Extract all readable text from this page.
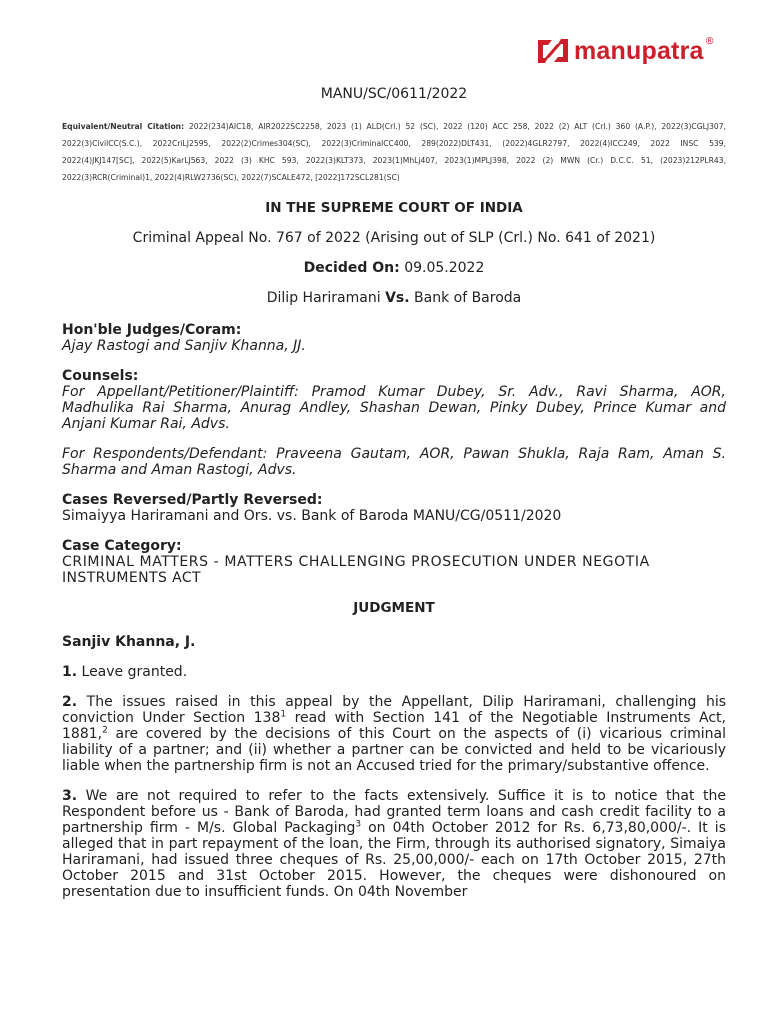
manupatra ®
MANU/SC/0611/2022
Equivalent/Neutral Citation: 2022(234)AIC18, AIR2022SC2258, 2023 (1) ALD(Crl.) 52 (SC), 2022 (120) ACC 258, 2022 (2) ALT (Crl.) 360 (A.P.), 2022(3)CGLJ307, 2022(3)CivilCC(S.C.), 2022CriLJ2595, 2022(2)Crimes304(SC), 2022(3)CriminalCC400, 289(2022)DLT431, (2022)4GLR2797, 2022(4)ICC249, 2022 INSC 539, 2022(4)JKJ147[SC], 2022(5)KarLJ563, 2022 (3) KHC 593, 2022(3)KLT373, 2023(1)MhLj407, 2023(1)MPLJ398, 2022 (2) MWN (Cr.) D.C.C. 51, (2023)212PLR43, 2022(3)RCR(Criminal)1, 2022(4)RLW2736(SC), 2022(7)SCALE472, [2022]172SCL281(SC)
IN THE SUPREME COURT OF INDIA
Criminal Appeal No. 767 of 2022 (Arising out of SLP (Crl.) No. 641 of 2021)
Decided On: 09.05.2022
Dilip Hariramani Vs. Bank of Baroda
Hon'ble Judges/Coram:
Ajay Rastogi and Sanjiv Khanna, JJ.
Counsels:
For Appellant/Petitioner/Plaintiff: Pramod Kumar Dubey, Sr. Adv., Ravi Sharma, AOR, Madhulika Rai Sharma, Anurag Andley, Shashan Dewan, Pinky Dubey, Prince Kumar and Anjani Kumar Rai, Advs.
For Respondents/Defendant: Praveena Gautam, AOR, Pawan Shukla, Raja Ram, Aman S. Sharma and Aman Rastogi, Advs.
Cases Reversed/Partly Reversed:
Simaiyya Hariramani and Ors. vs. Bank of Baroda MANU/CG/0511/2020
Case Category:
CRIMINAL MATTERS - MATTERS CHALLENGING PROSECUTION UNDER NEGOTIA
INSTRUMENTS ACT
JUDGMENT
Sanjiv Khanna, J.
1. Leave granted.
2. The issues raised in this appeal by the Appellant, Dilip Hariramani, challenging his conviction Under Section $138^1$ read with Section 141 of the Negotiable Instruments Act, 1881,$^2$ are covered by the decisions of this Court on the aspects of (i) vicarious criminal liability of a partner; and (ii) whether a partner can be convicted and held to be vicariously liable when the partnership firm is not an Accused tried for the primary/substantive offence.
3. We are not required to refer to the facts extensively. Suffice it is to notice that the Respondent before us - Bank of Baroda, had granted term loans and cash credit facility to a partnership firm - M/s. Global Packaging$^3$ on 04th October 2012 for Rs. 6,73,80,000/-. It is alleged that in part repayment of the loan, the Firm, through its authorised signatory, Simaiya Hariramani, had issued three cheques of Rs. 25,00,000/- each on 17th October 2015, 27th October 2015 and 31st October 2015. However, the cheques were dishonoured on presentation due to insufficient funds. On 04th November
